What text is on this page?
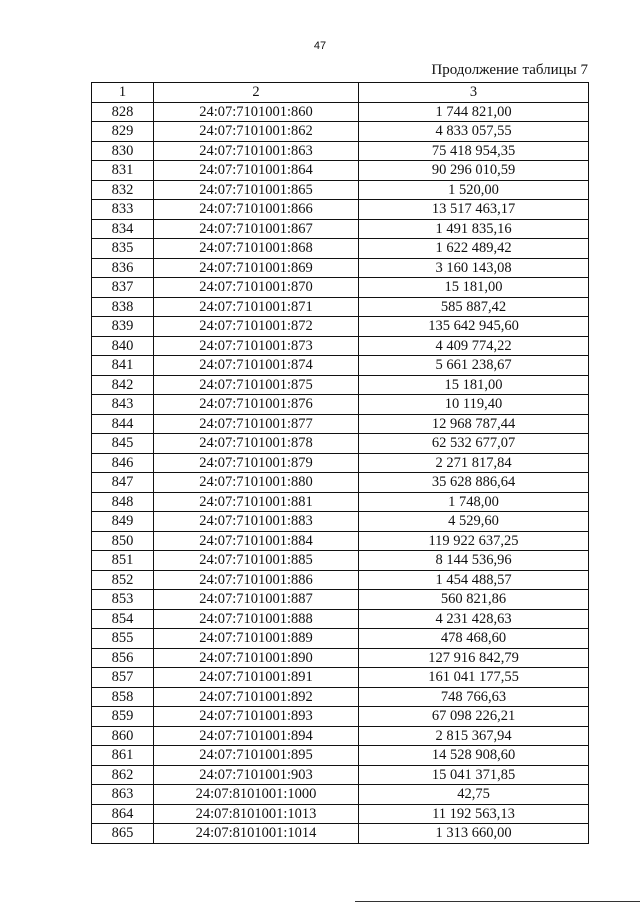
47
Продолжение таблицы 7
1	2	3
828	24:07:7101001:860	1 744 821,00
829	24:07:7101001:862	4 833 057,55
830	24:07:7101001:863	75 418 954,35
831	24:07:7101001:864	90 296 010,59
832	24:07:7101001:865	1 520,00
833	24:07:7101001:866	13 517 463,17
834	24:07:7101001:867	1 491 835,16
835	24:07:7101001:868	1 622 489,42
836	24:07:7101001:869	3 160 143,08
837	24:07:7101001:870	15 181,00
838	24:07:7101001:871	585 887,42
839	24:07:7101001:872	135 642 945,60
840	24:07:7101001:873	4 409 774,22
841	24:07:7101001:874	5 661 238,67
842	24:07:7101001:875	15 181,00
843	24:07:7101001:876	10 119,40
844	24:07:7101001:877	12 968 787,44
845	24:07:7101001:878	62 532 677,07
846	24:07:7101001:879	2 271 817,84
847	24:07:7101001:880	35 628 886,64
848	24:07:7101001:881	1 748,00
849	24:07:7101001:883	4 529,60
850	24:07:7101001:884	119 922 637,25
851	24:07:7101001:885	8 144 536,96
852	24:07:7101001:886	1 454 488,57
853	24:07:7101001:887	560 821,86
854	24:07:7101001:888	4 231 428,63
855	24:07:7101001:889	478 468,60
856	24:07:7101001:890	127 916 842,79
857	24:07:7101001:891	161 041 177,55
858	24:07:7101001:892	748 766,63
859	24:07:7101001:893	67 098 226,21
860	24:07:7101001:894	2 815 367,94
861	24:07:7101001:895	14 528 908,60
862	24:07:7101001:903	15 041 371,85
863	24:07:8101001:1000	42,75
864	24:07:8101001:1013	11 192 563,13
865	24:07:8101001:1014	1 313 660,00
